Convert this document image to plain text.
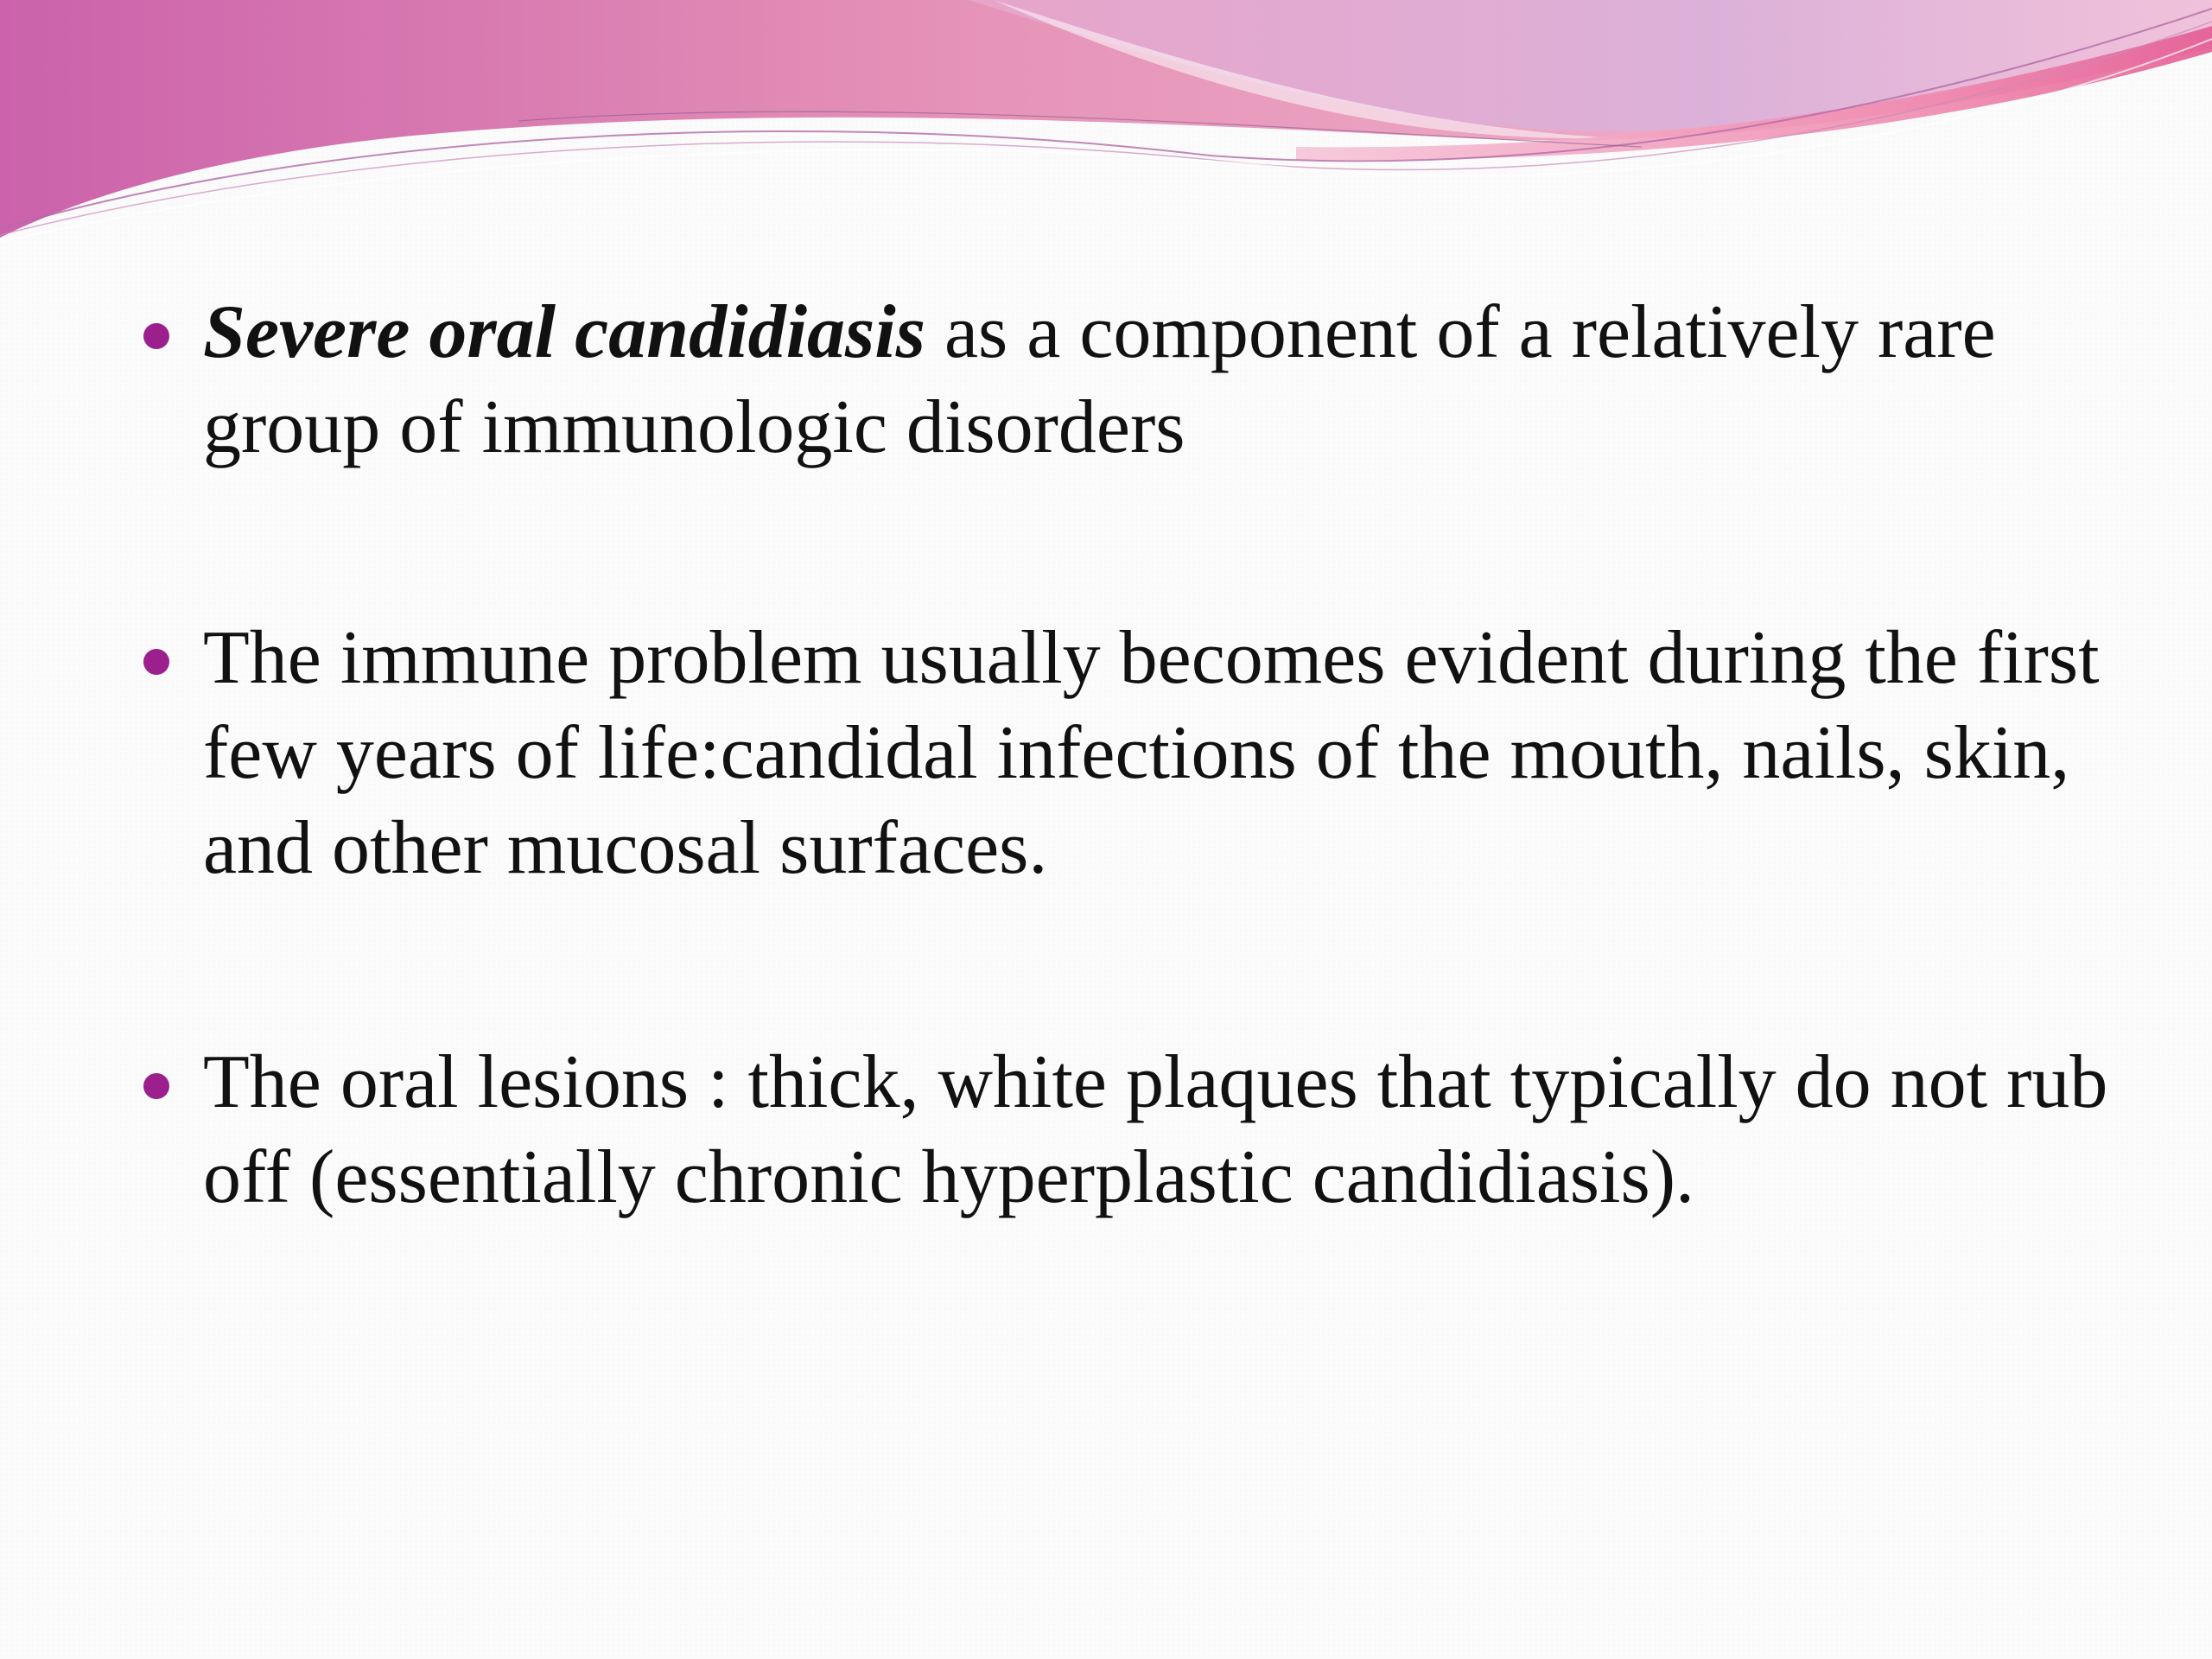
Severe oral candidiasis as a component of a relatively rare group of immunologic disorders

The immune problem usually becomes evident during the first few years of life:candidal infections of the mouth, nails, skin, and other mucosal surfaces.

The oral lesions : thick, white plaques that typically do not rub off (essentially chronic hyperplastic candidiasis).
